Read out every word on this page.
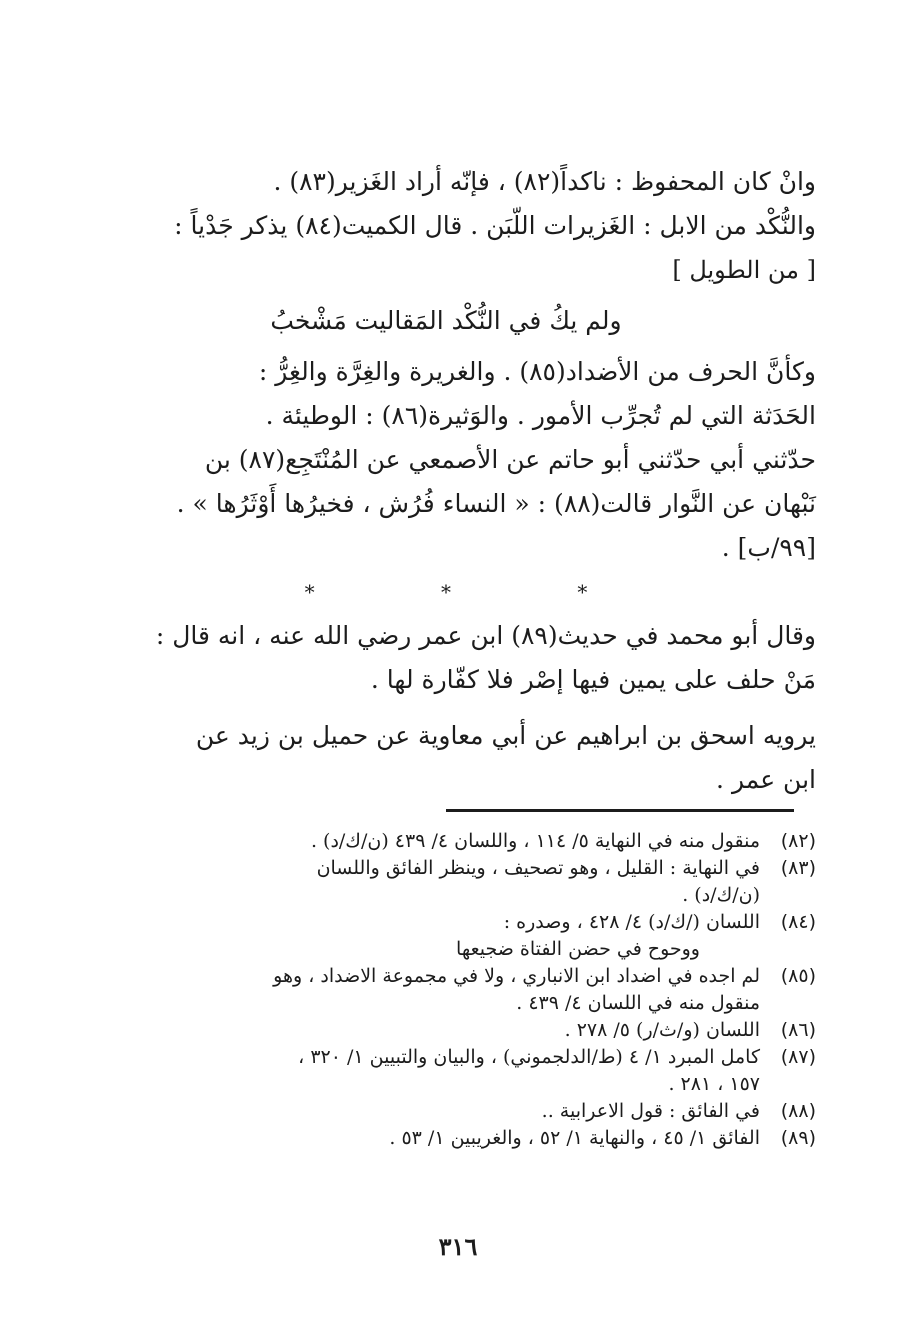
وانْ كان المحفوظ : ناكداً(٨٢) ، فإنّه أراد الغَزير(٨٣) .
والنُّكْد من الابل : الغَزيرات اللّبَن . قال الكميت(٨٤) يذكر جَدْياً :
[ من الطويل ]
ولم يكُ في النُّكْد المَقاليت مَشْخبُ
وكأنَّ الحرف من الأضداد(٨٥) . والغريرة والغِرَّة والغِرُّ :
الحَدَثة التي لم تُجرِّب الأمور . والوَثيرة(٨٦) : الوطيئة .
حدّثني أبي حدّثني أبو حاتم عن الأصمعي عن المُنْتَجِع(٨٧) بن
نَبْهان عن النَّوار قالت(٨٨) : « النساء فُرُش ، فخيرُها أَوْثَرُها » .
[٩٩/ب] .
* * *
وقال أبو محمد في حديث(٨٩) ابن عمر رضي الله عنه ، انه قال :
مَنْ حلف على يمين فيها إصْر فلا كفّارة لها .
يرويه اسحق بن ابراهيم عن أبي معاوية عن حميل بن زيد عن
ابن عمر .
(٨٢)
منقول منه في النهاية ٥/ ١١٤ ، واللسان ٤/ ٤٣٩ (ن/ك/د) .
(٨٣)
في النهاية : القليل ، وهو تصحيف ، وينظر الفائق واللسان
(ن/ك/د) .
(٨٤)
اللسان (/ك/د) ٤/ ٤٢٨ ، وصدره :
ووحوح في حضن الفتاة ضجيعها
(٨٥)
لم اجده في اضداد ابن الانباري ، ولا في مجموعة الاضداد ، وهو
منقول منه في اللسان ٤/ ٤٣٩ .
(٨٦)
اللسان (و/ث/ر) ٥/ ٢٧٨ .
(٨٧)
كامل المبرد ١/ ٤ (ط/الدلجموني) ، والبيان والتبيين ١/ ٣٢٠ ،
١٥٧ ، ٢٨١ .
(٨٨)
في الفائق : قول الاعرابية ..
(٨٩)
الفائق ١/ ٤٥ ، والنهاية ١/ ٥٢ ، والغريبين ١/ ٥٣ .
٣١٦
